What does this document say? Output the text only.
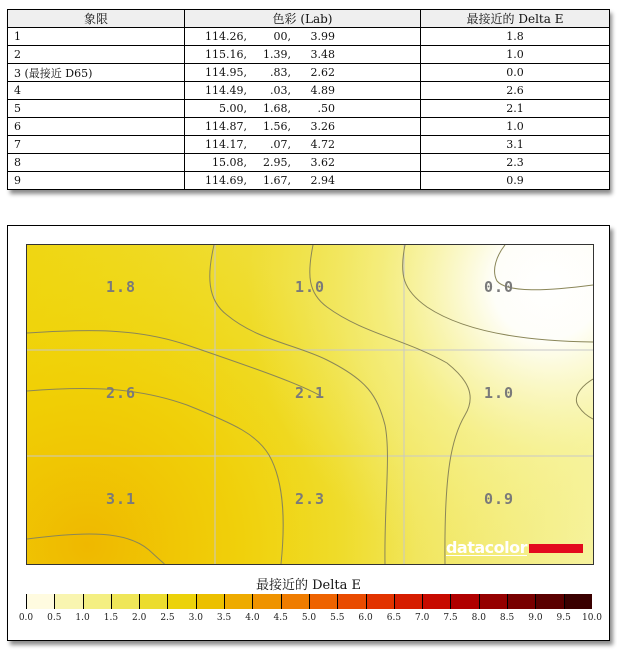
象限	色彩 (Lab)	最接近的 Delta E
1	114.26, 00, 3.99	1.8
2	115.16, 1.39, 3.48	1.0
3 (最接近 D65)	114.95, .83, 2.62	0.0
4	114.49, .03, 4.89	2.6
5	5.00, 1.68, .50	2.1
6	114.87, 1.56, 3.26	1.0
7	114.17, .07, 4.72	3.1
8	15.08, 2.95, 3.62	2.3
9	114.69, 1.67, 2.94	0.9
1.8	1.0	0.0
2.6	2.1	1.0
3.1	2.3	0.9
datacolor
最接近的 Delta E
0.0 0.5 1.0 1.5 2.0 2.5 3.0 3.5 4.0 4.5 5.0 5.5 6.0 6.5 7.0 7.5 8.0 8.5 9.0 9.5 10.0
